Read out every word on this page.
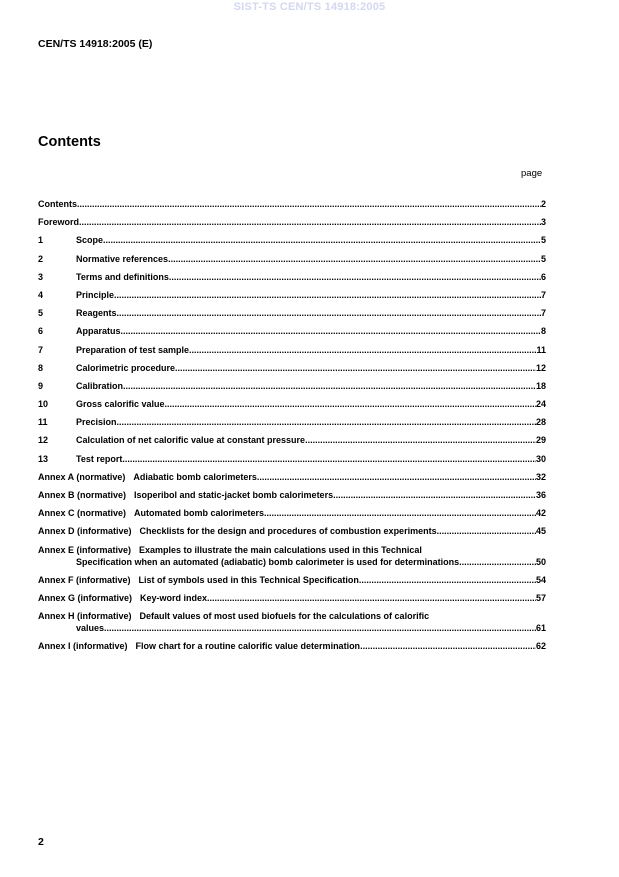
SIST-TS CEN/TS 14918:2005
CEN/TS 14918:2005 (E)
Contents
page
Contents .....	2
Foreword .....	3
1	Scope .....	5
2	Normative references .....	5
3	Terms and definitions .....	6
4	Principle .....	7
5	Reagents .....	7
6	Apparatus .....	8
7	Preparation of test sample .....	11
8	Calorimetric procedure .....	12
9	Calibration .....	18
10	Gross calorific value .....	24
11	Precision .....	28
12	Calculation of net calorific value at constant pressure .....	29
13	Test report .....	30
Annex A (normative) Adiabatic bomb calorimeters .....	32
Annex B (normative) Isoperibol and static-jacket bomb calorimeters .....	36
Annex C (normative) Automated bomb calorimeters .....	42
Annex D (informative) Checklists for the design and procedures of combustion experiments .....	45
Annex E (informative) Examples to illustrate the main calculations used in this Technical
Specification when an automated (adiabatic) bomb calorimeter is used for determinations .....	50
Annex F (informative) List of symbols used in this Technical Specification .....	54
Annex G (informative) Key-word index .....	57
Annex H (informative) Default values of most used biofuels for the calculations of calorific
values .....	61
Annex I (informative) Flow chart for a routine calorific value determination .....	62
2
